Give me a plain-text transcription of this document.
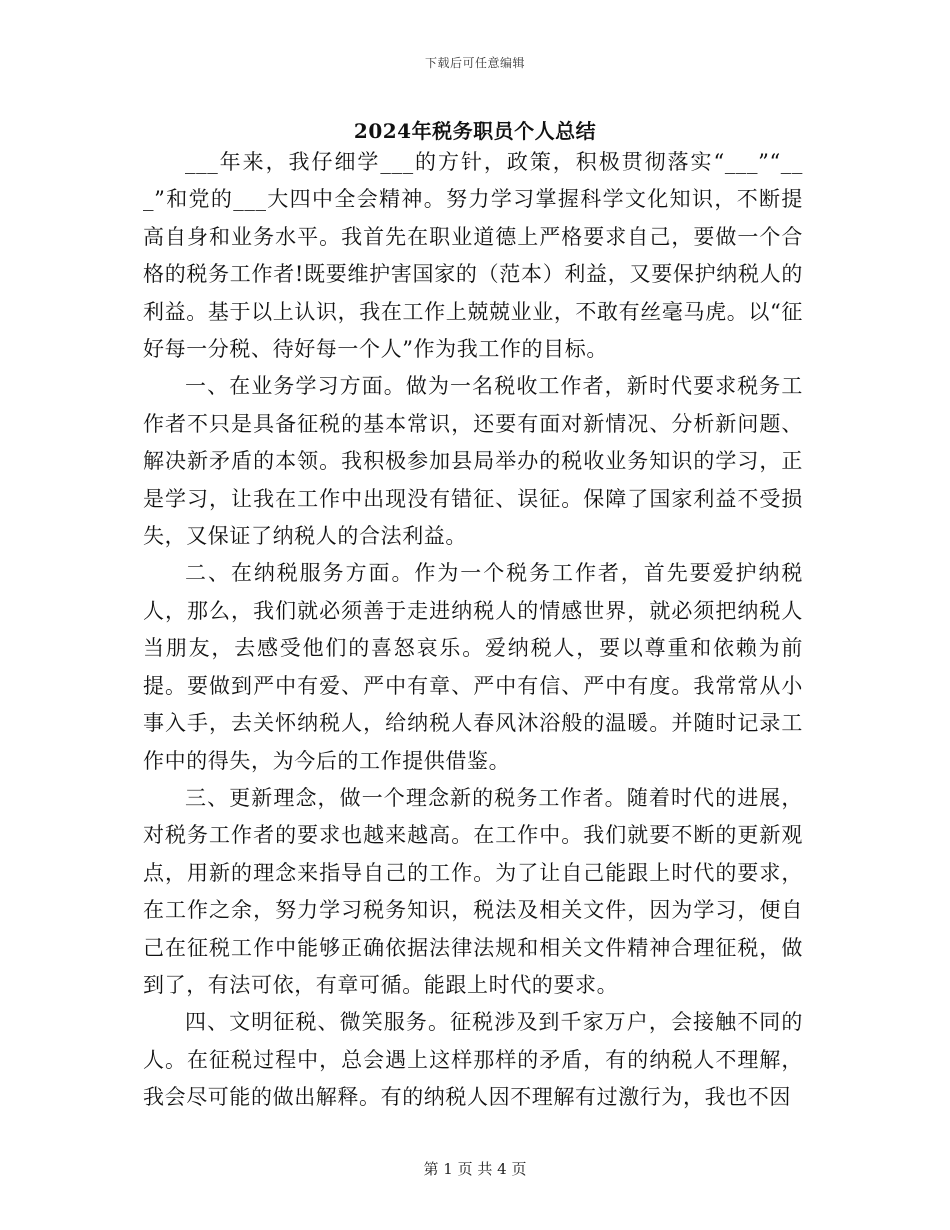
下载后可任意编辑
2024年税务职员个人总结

___年来，我仔细学___的方针，政策，积极贯彻落实“___”“___”和党的___大四中全会精神。努力学习掌握科学文化知识，不断提高自身和业务水平。我首先在职业道德上严格要求自己，要做一个合格的税务工作者!既要维护害国家的（范本）利益，又要保护纳税人的利益。基于以上认识，我在工作上兢兢业业，不敢有丝毫马虎。以“征好每一分税、待好每一个人”作为我工作的目标。

一、在业务学习方面。做为一名税收工作者，新时代要求税务工作者不只是具备征税的基本常识，还要有面对新情况、分析新问题、解决新矛盾的本领。我积极参加县局举办的税收业务知识的学习，正是学习，让我在工作中出现没有错征、误征。保障了国家利益不受损失，又保证了纳税人的合法利益。

二、在纳税服务方面。作为一个税务工作者，首先要爱护纳税人，那么，我们就必须善于走进纳税人的情感世界，就必须把纳税人当朋友，去感受他们的喜怒哀乐。爱纳税人，要以尊重和依赖为前提。要做到严中有爱、严中有章、严中有信、严中有度。我常常从小事入手，去关怀纳税人，给纳税人春风沐浴般的温暖。并随时记录工作中的得失，为今后的工作提供借鉴。

三、更新理念，做一个理念新的税务工作者。随着时代的进展，对税务工作者的要求也越来越高。在工作中。我们就要不断的更新观点，用新的理念来指导自己的工作。为了让自己能跟上时代的要求，在工作之余，努力学习税务知识，税法及相关文件，因为学习，便自己在征税工作中能够正确依据法律法规和相关文件精神合理征税，做到了，有法可依，有章可循。能跟上时代的要求。

四、文明征税、微笑服务。征税涉及到千家万户，会接触不同的人。在征税过程中，总会遇上这样那样的矛盾，有的纳税人不理解，我会尽可能的做出解释。有的纳税人因不理解有过激行为，我也不因

第 1 页 共 4 页
